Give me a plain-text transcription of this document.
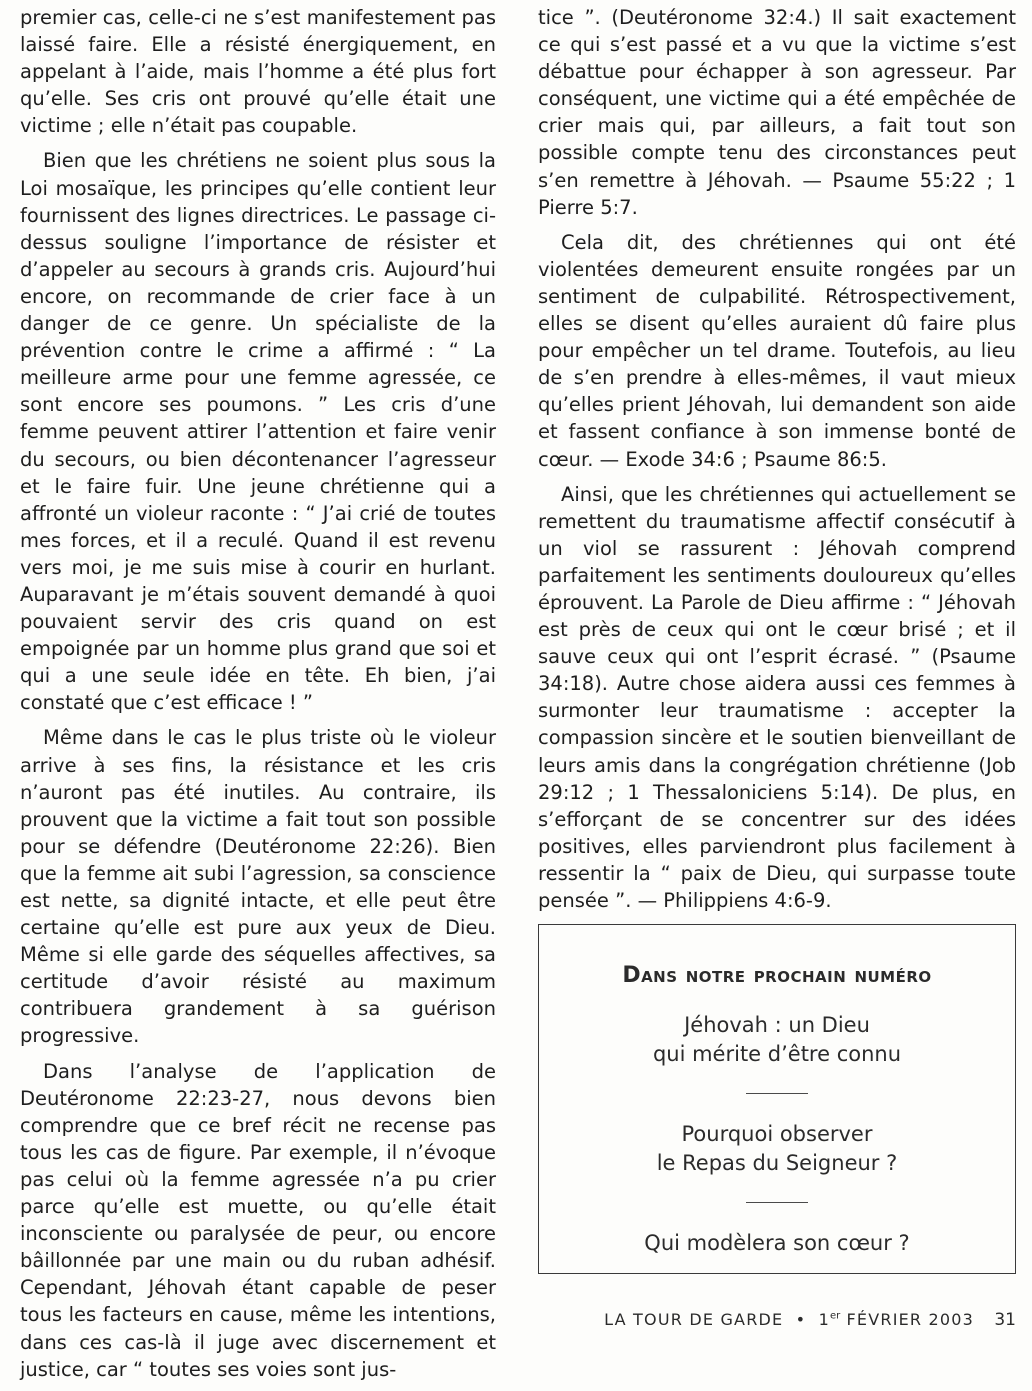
premier cas, celle-ci ne s’est manifestement pas laissé faire. Elle a résisté énergiquement, en appelant à l’aide, mais l’homme a été plus fort qu’elle. Ses cris ont prouvé qu’elle était une victime ; elle n’était pas coupable.

Bien que les chrétiens ne soient plus sous la Loi mosaïque, les principes qu’elle contient leur fournissent des lignes directrices. Le passage ci-dessus souligne l’importance de résister et d’appeler au secours à grands cris. Aujourd’hui encore, on recommande de crier face à un danger de ce genre. Un spécialiste de la prévention contre le crime a affirmé : “ La meilleure arme pour une femme agressée, ce sont encore ses poumons. ” Les cris d’une femme peuvent attirer l’attention et faire venir du secours, ou bien décontenancer l’agresseur et le faire fuir. Une jeune chrétienne qui a affronté un violeur raconte : “ J’ai crié de toutes mes forces, et il a reculé. Quand il est revenu vers moi, je me suis mise à courir en hurlant. Auparavant je m’étais souvent demandé à quoi pouvaient servir des cris quand on est empoignée par un homme plus grand que soi et qui a une seule idée en tête. Eh bien, j’ai constaté que c’est efficace ! ”

Même dans le cas le plus triste où le violeur arrive à ses fins, la résistance et les cris n’auront pas été inutiles. Au contraire, ils prouvent que la victime a fait tout son possible pour se défendre (Deutéronome 22:26). Bien que la femme ait subi l’agression, sa conscience est nette, sa dignité intacte, et elle peut être certaine qu’elle est pure aux yeux de Dieu. Même si elle garde des séquelles affectives, sa certitude d’avoir résisté au maximum contribuera grandement à sa guérison progressive.

Dans l’analyse de l’application de Deutéronome 22:23-27, nous devons bien comprendre que ce bref récit ne recense pas tous les cas de figure. Par exemple, il n’évoque pas celui où la femme agressée n’a pu crier parce qu’elle est muette, ou qu’elle était inconsciente ou paralysée de peur, ou encore bâillonnée par une main ou du ruban adhésif. Cependant, Jéhovah étant capable de peser tous les facteurs en cause, même les intentions, dans ces cas-là il juge avec discernement et justice, car “ toutes ses voies sont jus-

tice ”. (Deutéronome 32:4.) Il sait exactement ce qui s’est passé et a vu que la victime s’est débattue pour échapper à son agresseur. Par conséquent, une victime qui a été empêchée de crier mais qui, par ailleurs, a fait tout son possible compte tenu des circonstances peut s’en remettre à Jéhovah. — Psaume 55:22 ; 1 Pierre 5:7.

Cela dit, des chrétiennes qui ont été violentées demeurent ensuite rongées par un sentiment de culpabilité. Rétrospectivement, elles se disent qu’elles auraient dû faire plus pour empêcher un tel drame. Toutefois, au lieu de s’en prendre à elles-mêmes, il vaut mieux qu’elles prient Jéhovah, lui demandent son aide et fassent confiance à son immense bonté de cœur. — Exode 34:6 ; Psaume 86:5.

Ainsi, que les chrétiennes qui actuellement se remettent du traumatisme affectif consécutif à un viol se rassurent : Jéhovah comprend parfaitement les sentiments douloureux qu’elles éprouvent. La Parole de Dieu affirme : “ Jéhovah est près de ceux qui ont le cœur brisé ; et il sauve ceux qui ont l’esprit écrasé. ” (Psaume 34:18). Autre chose aidera aussi ces femmes à surmonter leur traumatisme : accepter la compassion sincère et le soutien bienveillant de leurs amis dans la congrégation chrétienne (Job 29:12 ; 1 Thessaloniciens 5:14). De plus, en s’efforçant de se concentrer sur des idées positives, elles parviendront plus facilement à ressentir la “ paix de Dieu, qui surpasse toute pensée ”. — Philippiens 4:6-9.

Dans notre prochain numéro
Jéhovah : un Dieu
qui mérite d’être connu
Pourquoi observer
le Repas du Seigneur ?
Qui modèlera son cœur ?
LA TOUR DE GARDE • 1er FÉVRIER 2003 31
